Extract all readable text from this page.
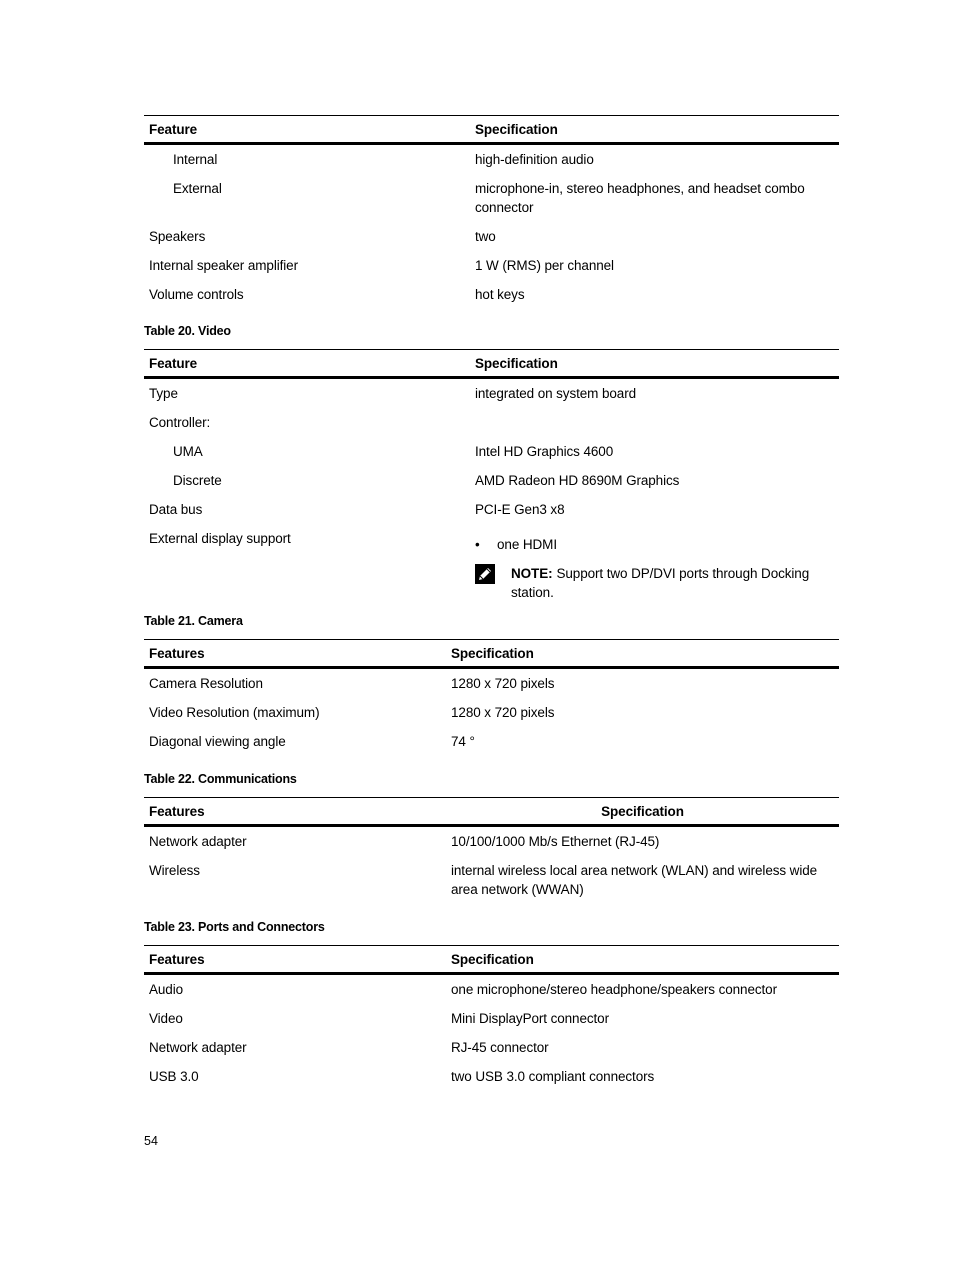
Feature	Specification
Internal	high-definition audio
External	microphone-in, stereo headphones, and headset combo connector
Speakers	two
Internal speaker amplifier	1 W (RMS) per channel
Volume controls	hot keys
Table 20. Video
Feature	Specification
Type	integrated on system board
Controller:	
UMA	Intel HD Graphics 4600
Discrete	AMD Radeon HD 8690M Graphics
Data bus	PCI-E Gen3 x8
External display support	• one HDMI
NOTE: Support two DP/DVI ports through Docking station.
Table 21. Camera
Features	Specification
Camera Resolution	1280 x 720 pixels
Video Resolution (maximum)	1280 x 720 pixels
Diagonal viewing angle	74 °
Table 22. Communications
Features	Specification
Network adapter	10/100/1000 Mb/s Ethernet (RJ-45)
Wireless	internal wireless local area network (WLAN) and wireless wide area network (WWAN)
Table 23. Ports and Connectors
Features	Specification
Audio	one microphone/stereo headphone/speakers connector
Video	Mini DisplayPort connector
Network adapter	RJ-45 connector
USB 3.0	two USB 3.0 compliant connectors
54
